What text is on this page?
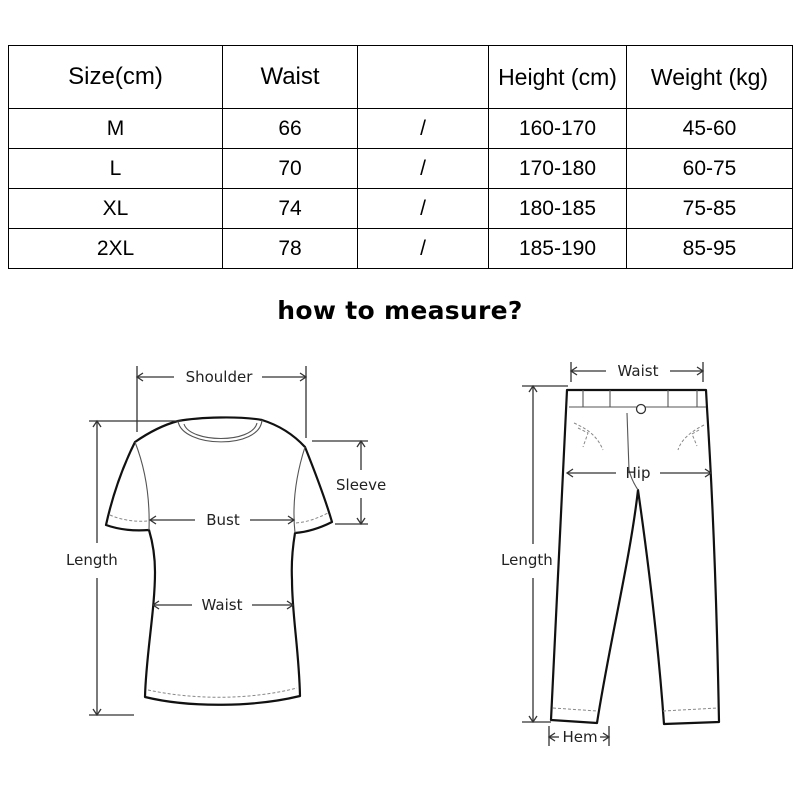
Size(cm)	Waist		Height (cm)	Weight (kg)
M	66	/	160-170	45-60
L	70	/	170-180	60-75
XL	74	/	180-185	75-85
2XL	78	/	185-190	85-95
how to measure?
Shoulder
Sleeve
Bust
Waist
Length
Waist
Hip
Length
Hem
